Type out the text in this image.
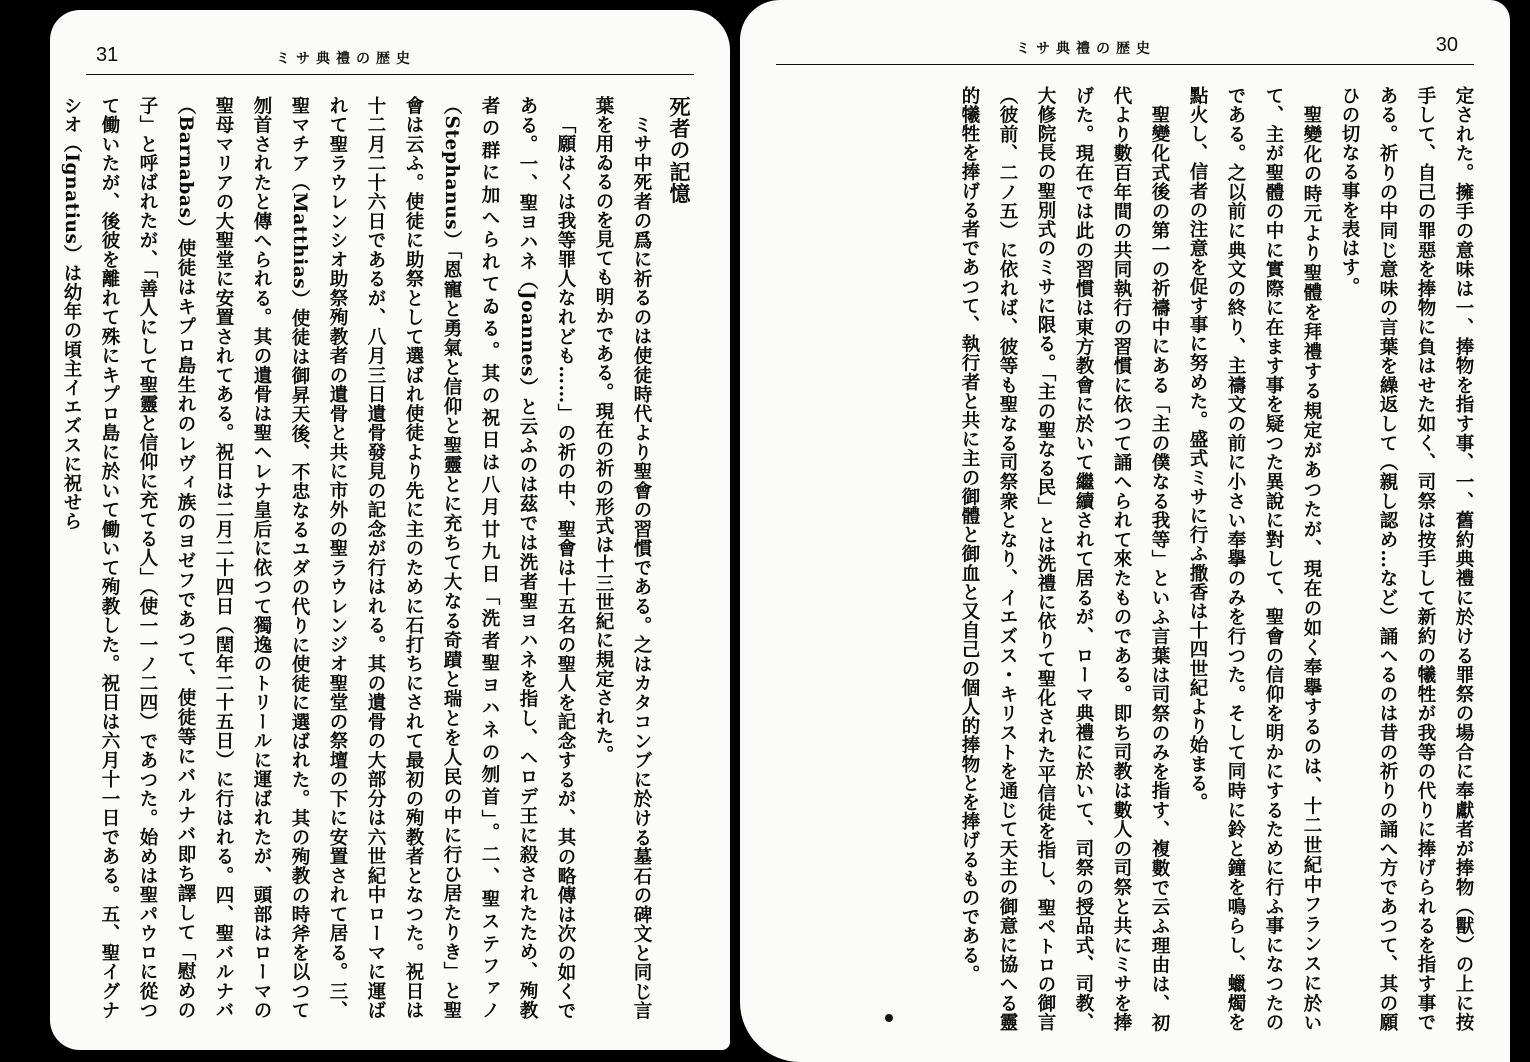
31	ミサ典禮の歴史

死者の記憶

ミサ中死者の爲に祈るのは使徒時代より聖會の習慣である。之はカタコンブに於ける墓石の碑文と同じ言葉を用ゐるのを見ても明かである。現在の祈の形式は十三世紀に規定された。

「願はくは我等罪人なれども……」の祈の中、聖會は十五名の聖人を記念するが、其の略傳は次の如くである。一、聖ヨハネ（Joannes）と云ふのは茲では洗者聖ヨハネを指し、ヘロデ王に殺されたため、殉教者の群に加へられてゐる。其の祝日は八月廿九日「洗者聖ヨハネの刎首」。二、聖ステファノ（Stephanus）「恩寵と勇氣と信仰と聖靈とに充ちて大なる奇蹟と瑞とを人民の中に行ひ居たりき」と聖會は云ふ。使徒に助祭として選ばれ使徒より先に主のために石打ちにされて最初の殉教者となつた。祝日は十二月二十六日であるが、八月三日遺骨發見の記念が行はれる。其の遺骨の大部分は六世紀中ローマに運ばれて聖ラウレンシオ助祭殉教者の遺骨と共に市外の聖ラウレンジオ聖堂の祭壇の下に安置されて居る。三、聖マチア（Matthias）使徒は御昇天後、不忠なるユダの代りに使徒に選ばれた。其の殉教の時斧を以つて刎首されたと傳へられる。其の遺骨は聖ヘレナ皇后に依つて獨逸のトリールに運ばれたが、頭部はローマの聖母マリアの大聖堂に安置されてある。祝日は二月二十四日（閏年二十五日）に行はれる。四、聖バルナバ（Barnabas）使徒はキプロ島生れのレヴィ族のヨゼフであつて、使徒等にバルナバ即ち譯して「慰めの子」と呼ばれたが、「善人にして聖靈と信仰に充てる人」（使一一ノ二四）であつた。始めは聖パウロに從つて働いたが、後彼を離れて殊にキプロ島に於いて働いて殉教した。祝日は六月十一日である。五、聖イグナシオ（Ignatius）は幼年の頃主イエズスに祝せら

ミサ典禮の歴史	30

定された。擁手の意味は一、捧物を指す事、一、舊約典禮に於ける罪祭の場合に奉獻者が捧物（獸）の上に按手して、自己の罪惡を捧物に負はせた如く、司祭は按手して新約の犧牲が我等の代りに捧げられるを指す事である。祈りの中同じ意味の言葉を繰返して（親し認め…など）誦へるのは昔の祈りの誦へ方であつて、其の願ひの切なる事を表はす。

聖變化の時元より聖體を拜禮する規定があつたが、現在の如く奉擧するのは、十二世紀中フランスに於いて、主が聖體の中に實際に在ます事を疑つた異說に對して、聖會の信仰を明かにするために行ふ事になつたのである。之以前に典文の終り、主禱文の前に小さい奉擧のみを行つた。そして同時に鈴と鐘を鳴らし、蠟燭を點火し、信者の注意を促す事に努めた。盛式ミサに行ふ撒香は十四世紀より始まる。

聖變化式後の第一の祈禱中にある「主の僕なる我等」といふ言葉は司祭のみを指す、複數で云ふ理由は、初代より數百年間の共同執行の習慣に依つて誦へられて來たものである。即ち司教は數人の司祭と共にミサを捧げた。現在では此の習慣は東方教會に於いて繼續されて居るが、ローマ典禮に於いて、司祭の授品式、司教、大修院長の聖別式のミサに限る。「主の聖なる民」とは洗禮に依りて聖化された平信徒を指し、聖ペトロの御言（彼前、二ノ五）に依れば、彼等も聖なる司祭衆となり、イエズス・キリストを通じて天主の御意に協へる靈的犧牲を捧げる者であつて、執行者と共に主の御體と御血と又自己の個人的捧物とを捧げるものである。
